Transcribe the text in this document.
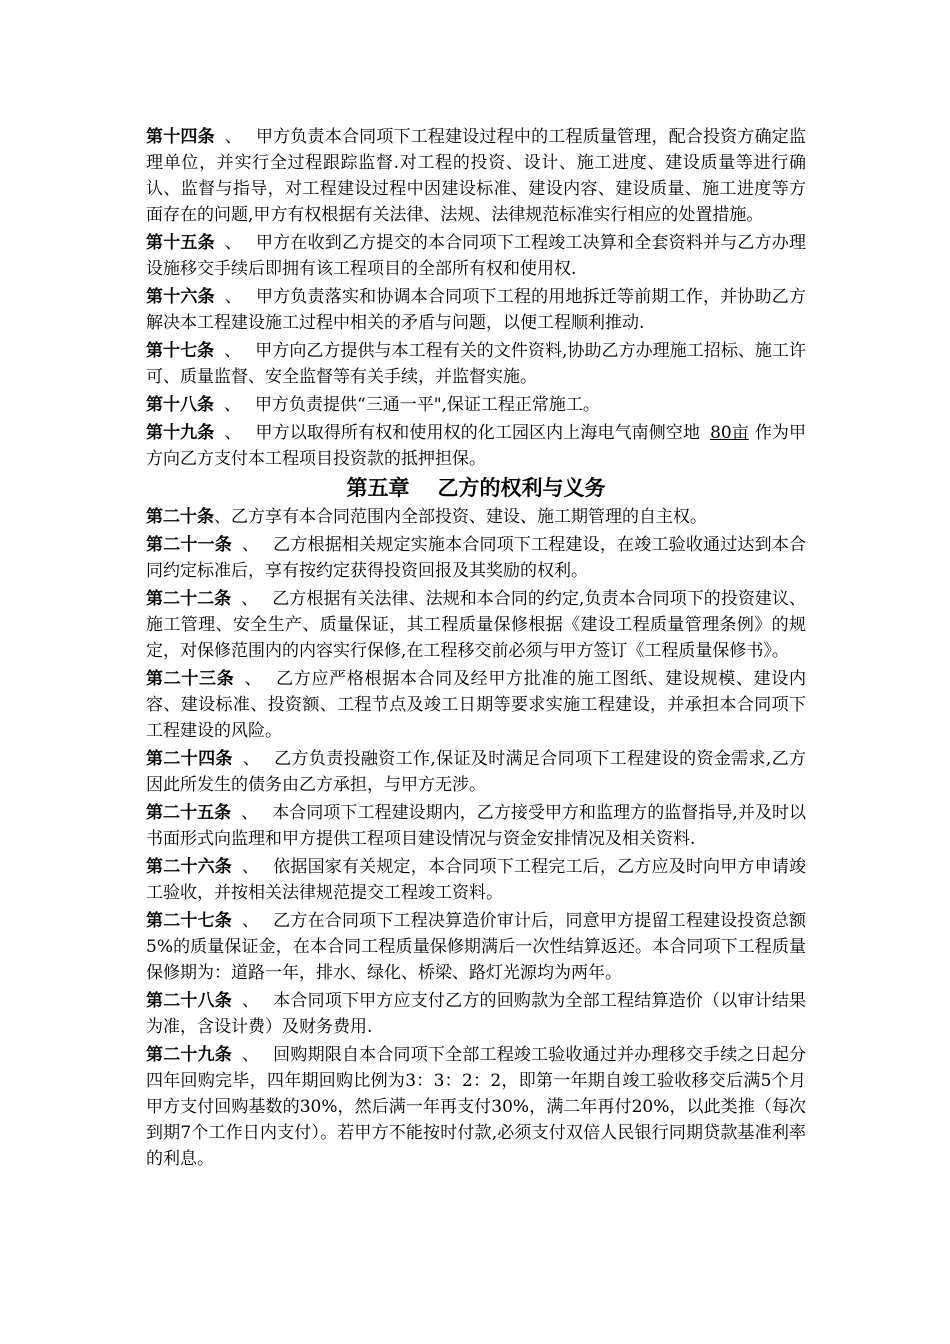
第十四条 、 甲方负责本合同项下工程建设过程中的工程质量管理，配合投资方确定监理单位，并实行全过程跟踪监督.对工程的投资、设计、施工进度、建设质量等进行确认、监督与指导，对工程建设过程中因建设标准、建设内容、建设质量、施工进度等方面存在的问题,甲方有权根据有关法律、法规、法律规范标准实行相应的处置措施。

第十五条 、 甲方在收到乙方提交的本合同项下工程竣工决算和全套资料并与乙方办理设施移交手续后即拥有该工程项目的全部所有权和使用权.

第十六条 、 甲方负责落实和协调本合同项下工程的用地拆迁等前期工作，并协助乙方解决本工程建设施工过程中相关的矛盾与问题，以便工程顺利推动.

第十七条 、 甲方向乙方提供与本工程有关的文件资料,协助乙方办理施工招标、施工许可、质量监督、安全监督等有关手续，并监督实施。

第十八条 、 甲方负责提供“三通一平",保证工程正常施工。

第十九条 、 甲方以取得所有权和使用权的化工园区内上海电气南侧空地 80亩 作为甲方向乙方支付本工程项目投资款的抵押担保。

第五章 乙方的权利与义务

第二十条、乙方享有本合同范围内全部投资、建设、施工期管理的自主权。

第二十一条 、 乙方根据相关规定实施本合同项下工程建设，在竣工验收通过达到本合同约定标准后，享有按约定获得投资回报及其奖励的权利。

第二十二条 、 乙方根据有关法律、法规和本合同的约定,负责本合同项下的投资建议、施工管理、安全生产、质量保证，其工程质量保修根据《建设工程质量管理条例》的规定，对保修范围内的内容实行保修,在工程移交前必须与甲方签订《工程质量保修书》。

第二十三条 、 乙方应严格根据本合同及经甲方批准的施工图纸、建设规模、建设内容、建设标准、投资额、工程节点及竣工日期等要求实施工程建设，并承担本合同项下工程建设的风险。

第二十四条 、 乙方负责投融资工作,保证及时满足合同项下工程建设的资金需求,乙方因此所发生的债务由乙方承担，与甲方无涉。

第二十五条 、 本合同项下工程建设期内，乙方接受甲方和监理方的监督指导,并及时以书面形式向监理和甲方提供工程项目建设情况与资金安排情况及相关资料.

第二十六条 、 依据国家有关规定，本合同项下工程完工后，乙方应及时向甲方申请竣工验收，并按相关法律规范提交工程竣工资料。

第二十七条 、 乙方在合同项下工程决算造价审计后，同意甲方提留工程建设投资总额5%的质量保证金，在本合同工程质量保修期满后一次性结算返还。本合同项下工程质量保修期为：道路一年，排水、绿化、桥梁、路灯光源均为两年。

第二十八条 、 本合同项下甲方应支付乙方的回购款为全部工程结算造价（以审计结果为准，含设计费）及财务费用.

第二十九条 、 回购期限自本合同项下全部工程竣工验收通过并办理移交手续之日起分四年回购完毕，四年期回购比例为3：3：2：2，即第一年期自竣工验收移交后满5个月甲方支付回购基数的30%，然后满一年再支付30%，满二年再付20%，以此类推（每次到期7个工作日内支付）。若甲方不能按时付款,必须支付双倍人民银行同期贷款基准利率的利息。
